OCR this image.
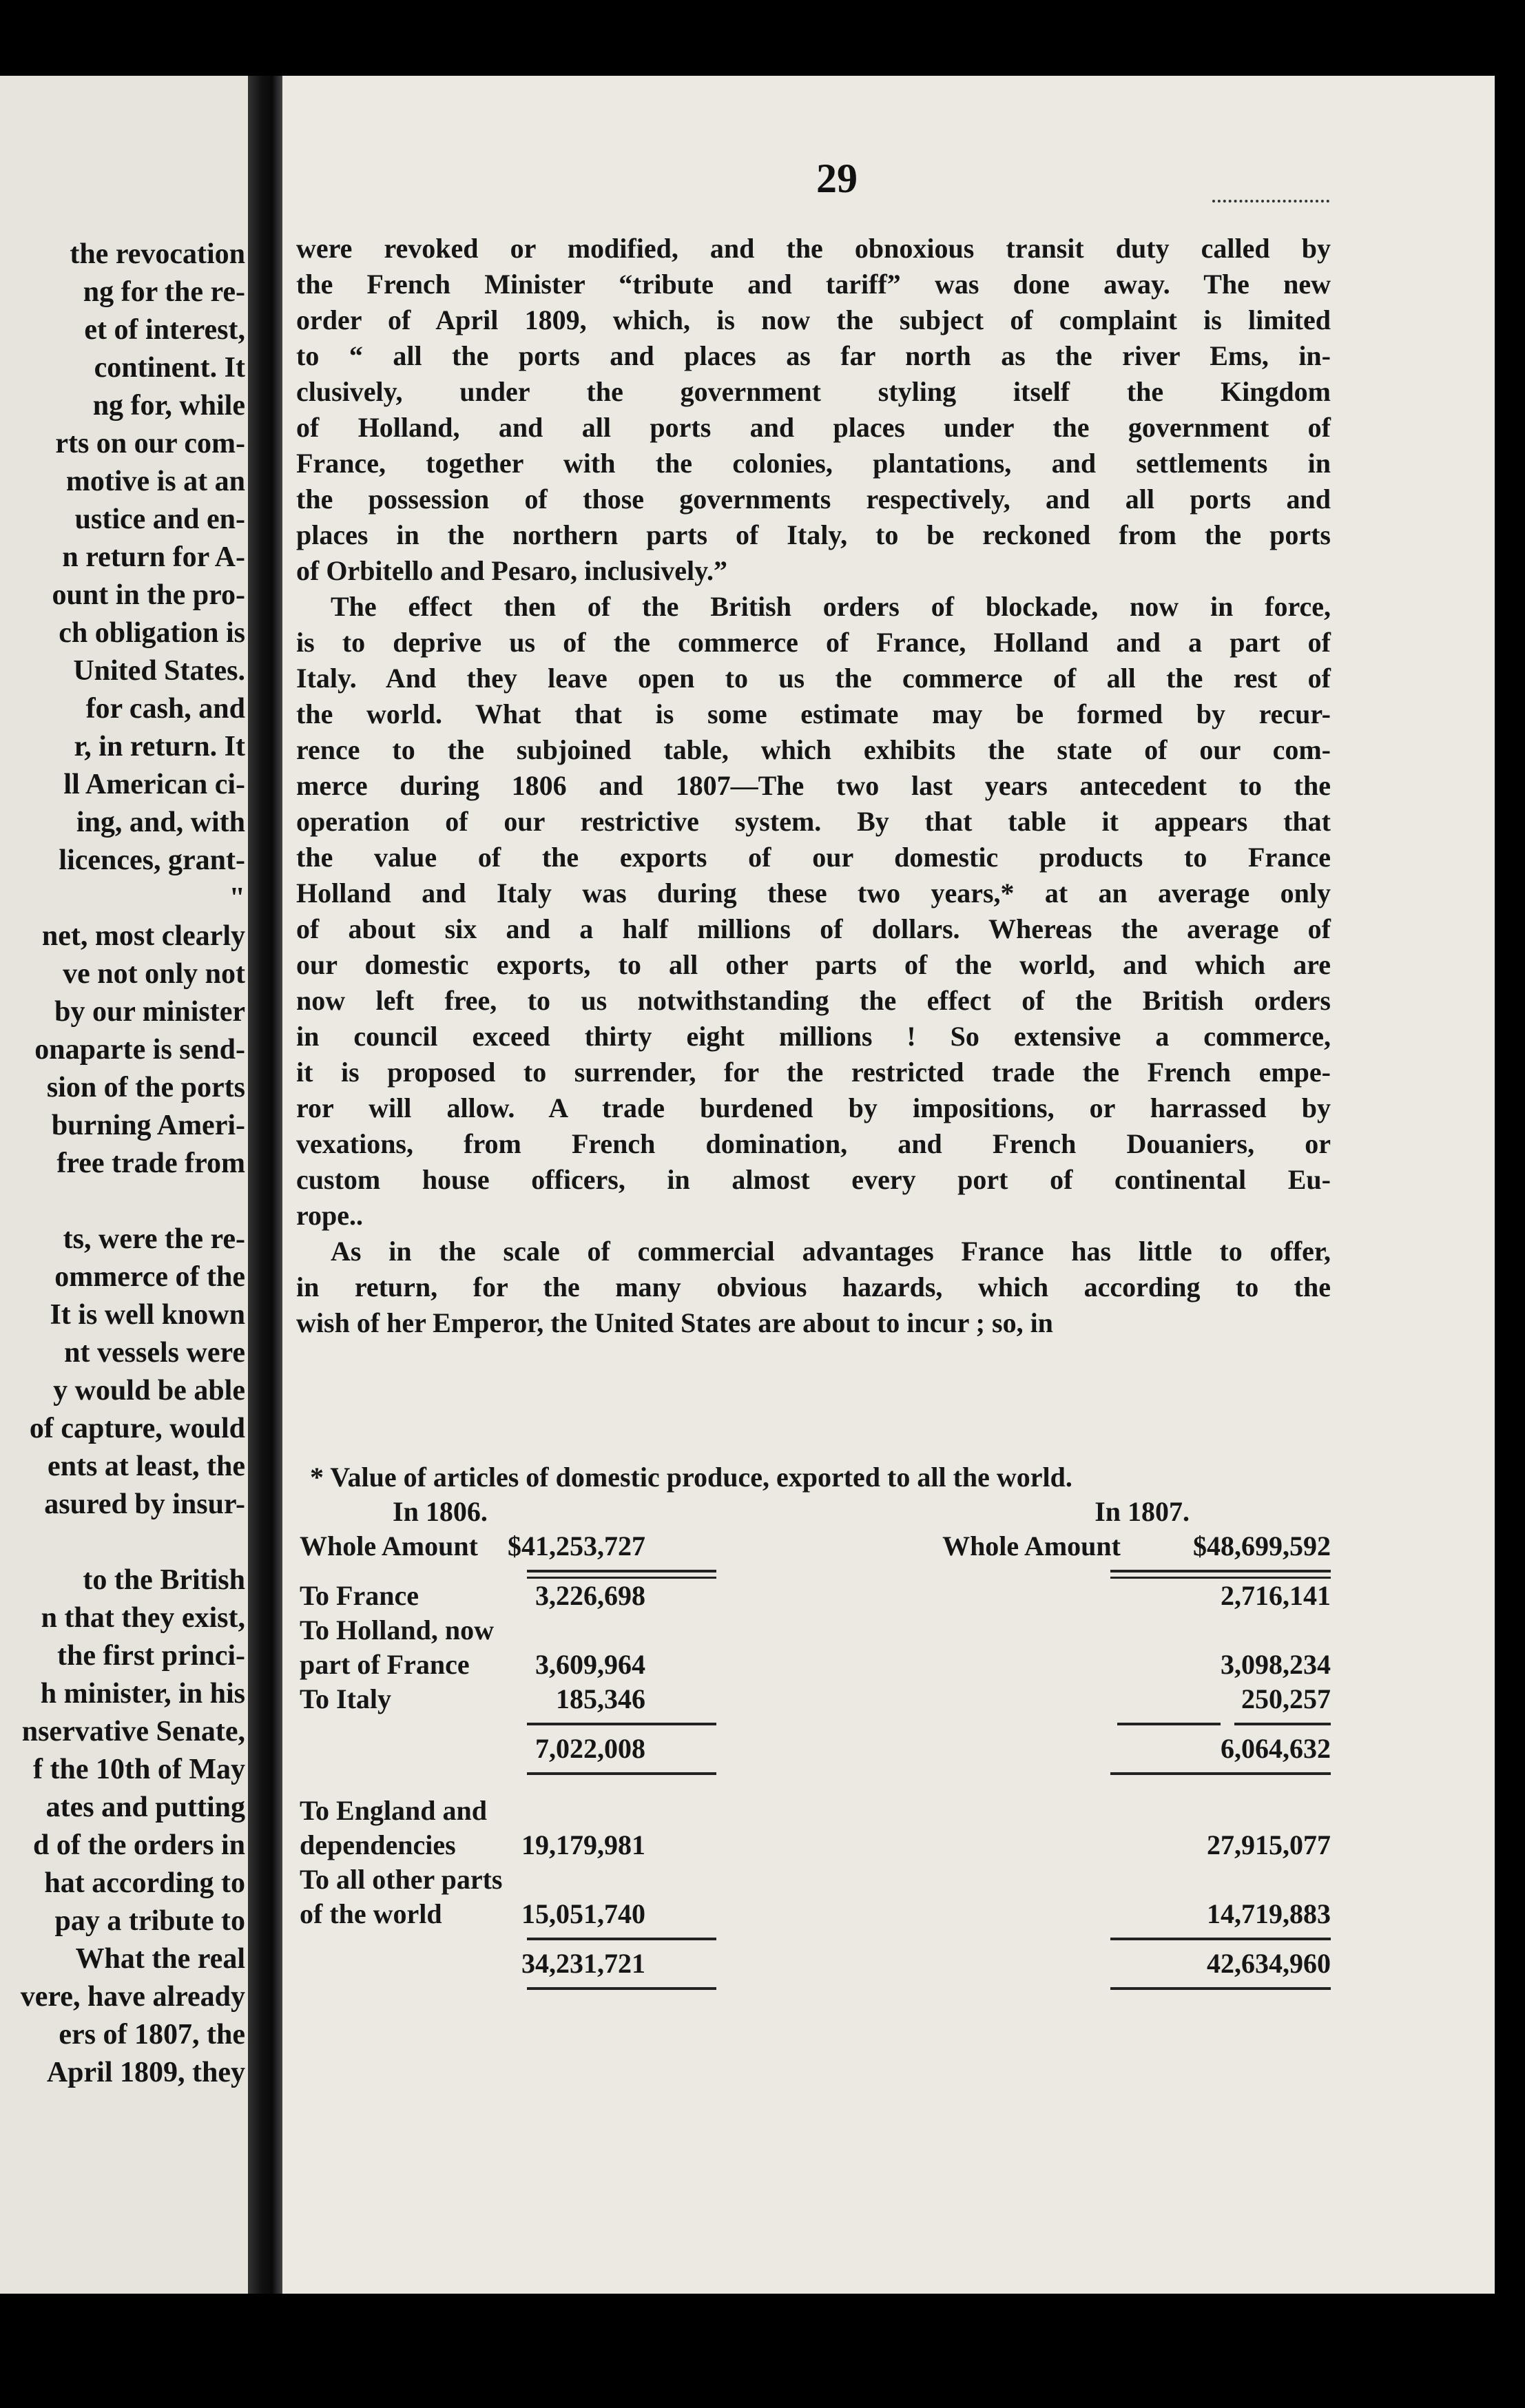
the revocation
ng for the re-
et of interest,
continent. It
ng for, while
rts on our com-
motive is at an
ustice and en-
n return for A-
ount in the pro-
ch obligation is
United States.
for cash, and
r, in return. It
ll American ci-
ing, and, with
licences, grant-
"
net, most clearly
ve not only not
by our minister
onaparte is send-
sion of the ports
burning Ameri-
free trade from
ts, were the re-
ommerce of the
It is well known
nt vessels were
y would be able
of capture, would
ents at least, the
asured by insur-
to the British
n that they exist,
the first princi-
h minister, in his
nservative Senate,
f the 10th of May
ates and putting
d of the orders in
hat according to
pay a tribute to
What the real
vere, have already
ers of 1807, the
April 1809, they
29

were revoked or modified, and the obnoxious transit duty called by

the French Minister “tribute and tariff” was done away. The new

order of April 1809, which, is now the subject of complaint is limited

to “ all the ports and places as far north as the river Ems, in-

clusively, under the government styling itself the Kingdom

of Holland, and all ports and places under the government of

France, together with the colonies, plantations, and settlements in

the possession of those governments respectively, and all ports and

places in the northern parts of Italy, to be reckoned from the ports

of Orbitello and Pesaro, inclusively.”

The effect then of the British orders of blockade, now in force,

is to deprive us of the commerce of France, Holland and a part of

Italy. And they leave open to us the commerce of all the rest of

the world. What that is some estimate may be formed by recur-

rence to the subjoined table, which exhibits the state of our com-

merce during 1806 and 1807—The two last years antecedent to the

operation of our restrictive system. By that table it appears that

the value of the exports of our domestic products to France

Holland and Italy was during these two years,* at an average only

of about six and a half millions of dollars. Whereas the average of

our domestic exports, to all other parts of the world, and which are

now left free, to us notwithstanding the effect of the British orders

in council exceed thirty eight millions ! So extensive a commerce,

it is proposed to surrender, for the restricted trade the French empe-

ror will allow. A trade burdened by impositions, or harrassed by

vexations, from French domination, and French Douaniers, or

custom house officers, in almost every port of continental Eu-

rope..

As in the scale of commercial advantages France has little to offer,

in return, for the many obvious hazards, which according to the

wish of her Emperor, the United States are about to incur ; so, in

* Value of articles of domestic produce, exported to all the world.
In 1806.	In 1807.
Whole Amount $41,253,727	Whole Amount	$48,699,592
To France	3,226,698	2,716,141
To Holland, now
part of France 3,609,964	3,098,234
To Italy	185,346	250,257
7,022,008	6,064,632
To England and
dependencies 19,179,981	27,915,077
To all other parts
of the world	15,051,740	14,719,883
34,231,721	42,634,960
